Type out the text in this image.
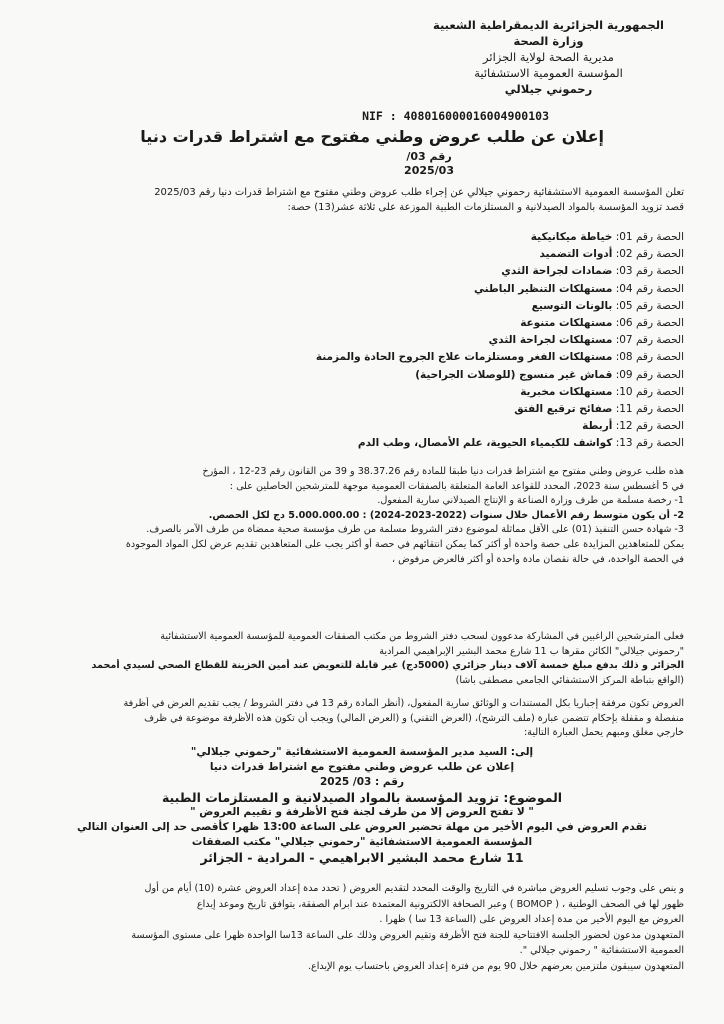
الجمهورية الجزائرية الديمقراطية الشعبية
وزارة الصحة
مديرية الصحة لولاية الجزائر
المؤسسة العمومية الاستشفائية
رحموني جيلالي
NIF : 408016000016004900103
إعلان عن طلب عروض وطني مفتوح مع اشتراط قدرات دنيا
رقم 03/
2025/03
تعلن المؤسسة العمومية الاستشفائية رحموني جيلالي عن إجراء طلب عروض وطني مفتوح مع اشتراط قدرات دنيا رقم 2025/03
قصد تزويد المؤسسة بالمواد الصيدلانية و المستلزمات الطبية الموزعة على ثلاثة عشر(13) حصة:
الحصة رقم 01: خياطة ميكانيكية
الحصة رقم 02: أدوات التضميد
الحصة رقم 03: ضمادات لجراحة الثدي
الحصة رقم 04: مستهلكات التنظير الباطني
الحصة رقم 05: بالونات التوسيع
الحصة رقم 06: مستهلكات متنوعة
الحصة رقم 07: مستهلكات لجراحة الثدي
الحصة رقم 08: مستهلكات الفغر ومستلزمات علاج الجروح الحادة والمزمنة
الحصة رقم 09: قماش غير منسوج (للوصلات الجراحية)
الحصة رقم 10: مستهلكات مخبرية
الحصة رقم 11: صفائح ترقيع الفتق
الحصة رقم 12: أربطة
الحصة رقم 13: كواشف للكيمياء الحيوية، علم الأمصال، وطب الدم
هذه طلب عروض وطني مفتوح مع اشتراط قدرات دنيا طبقا للمادة رقم 38.37.26 و 39 من القانون رقم 23-12 ، المؤرخ
في 5 أغسطس سنة 2023، المحدد للقواعد العامة المتعلقة بالصفقات العمومية موجهة للمترشحين الحاصلين على :
1- رخصة مسلمة من طرف وزارة الصناعة و الإنتاج الصيدلاني سارية المفعول.
2- أن يكون متوسط رقم الأعمال خلال سنوات (2022-2023-2024) : 5.000.000.00 دج لكل الحصص.
3- شهادة حسن التنفيذ (01) على الأقل مماثلة لموضوع دفتر الشروط مسلمة من طرف مؤسسة صحية ممضاة من طرف الآمر بالصرف.
يمكن للمتعاهدين المزايدة على حصة واحدة أو أكثر كما يمكن انتقائهم في حصة أو أكثر يجب على المتعاهدين تقديم عرض لكل المواد الموجودة
في الحصة الواحدة، في حالة نقصان مادة واحدة أو أكثر فالعرض مرفوض ،
فعلى المترشحين الراغبين في المشاركة مدعوون لسحب دفتر الشروط من مكتب الصفقات العمومية للمؤسسة العمومية الاستشفائية
"رحموني جيلالي" الكائن مقرها ب 11 شارع محمد البشير الإبراهيمي المرادية
الجزائر و ذلك بدفع مبلغ خمسة آلاف دينار جزائري (5000دج) غير قابلة للتعويض عند أمين الخزينة للقطاع الصحي لسيدي أمحمد
(الواقع بتباطة المركز الاستشفائي الجامعي مصطفى باشا)
العروض تكون مرفقة إجباريا بكل المستندات و الوثائق سارية المفعول، (أنظر المادة رقم 13 في دفتر الشروط / يجب تقديم العرض في أظرفة
منفصلة و مقفلة بإحكام تتضمن عبارة (ملف الترشح)، (العرض التقني) و (العرض المالي) ويجب أن تكون هذه الأظرفة موضوعة في ظرف
خارجي مغلق ومبهم يحمل العبارة التالية:
إلى: السيد مدير المؤسسة العمومية الاستشفائية "رحموني جيلالي"
إعلان عن طلب عروض وطني مفتوح مع اشتراط قدرات دنيا
رقم : 03/ 2025
الموضوع: تزويد المؤسسة بالمواد الصيدلانية و المستلزمات الطبية
" لا تفتح العروض إلا من طرف لجنة فتح الأظرفة و تقييم العروض "
تقدم العروض في اليوم الأخير من مهلة تحضير العروض على الساعة 13:00 ظهرا كأقصى حد إلى العنوان التالي
المؤسسة العمومية الاستشفائية "رحموني جيلالي" مكتب الصفقات
11 شارع محمد البشير الابراهيمي - المرادية - الجزائر
و ينص على وجوب تسليم العروض مباشرة في التاريخ والوقت المحدد لتقديم العروض ( تحدد مدة إعداد العروض عشرة (10) أيام من أول
ظهور لها في الصحف الوطنية ، ( BOMOP ) وعبر الصحافة الالكترونية المعتمدة عند ابرام الصفقة، يتوافق تاريخ وموعد إيداع
العروض مع اليوم الأخير من مدة إعداد العروض على (الساعة 13 سا ) ظهرا .
المتعهدون مدعون لحضور الجلسة الافتتاحية للجنة فتح الأظرفة وتقيم العروض وذلك على الساعة 13سا الواحدة ظهرا على مستوى المؤسسة
العمومية الاستشفائية " رحموني جيلالي ".
المتعهدون سيبقون ملتزمين بعرضهم خلال 90 يوم من فترة إعداد العروض باحتساب يوم الإيداع.
